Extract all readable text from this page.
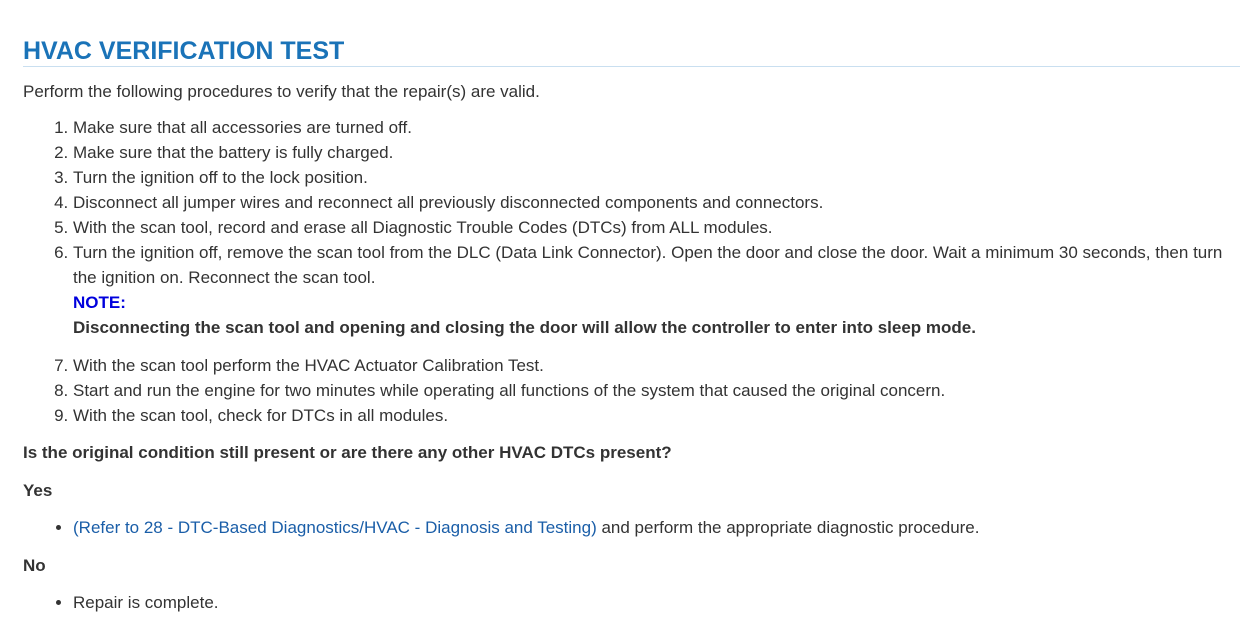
HVAC VERIFICATION TEST

Perform the following procedures to verify that the repair(s) are valid.

1. Make sure that all accessories are turned off.
2. Make sure that the battery is fully charged.
3. Turn the ignition off to the lock position.
4. Disconnect all jumper wires and reconnect all previously disconnected components and connectors.
5. With the scan tool, record and erase all Diagnostic Trouble Codes (DTCs) from ALL modules.
6. Turn the ignition off, remove the scan tool from the DLC (Data Link Connector). Open the door and close the door. Wait a minimum 30 seconds, then turn the ignition on. Reconnect the scan tool.
NOTE:
Disconnecting the scan tool and opening and closing the door will allow the controller to enter into sleep mode.
7. With the scan tool perform the HVAC Actuator Calibration Test.
8. Start and run the engine for two minutes while operating all functions of the system that caused the original concern.
9. With the scan tool, check for DTCs in all modules.

Is the original condition still present or are there any other HVAC DTCs present?

Yes

• (Refer to 28 - DTC-Based Diagnostics/HVAC - Diagnosis and Testing) and perform the appropriate diagnostic procedure.

No

• Repair is complete.
